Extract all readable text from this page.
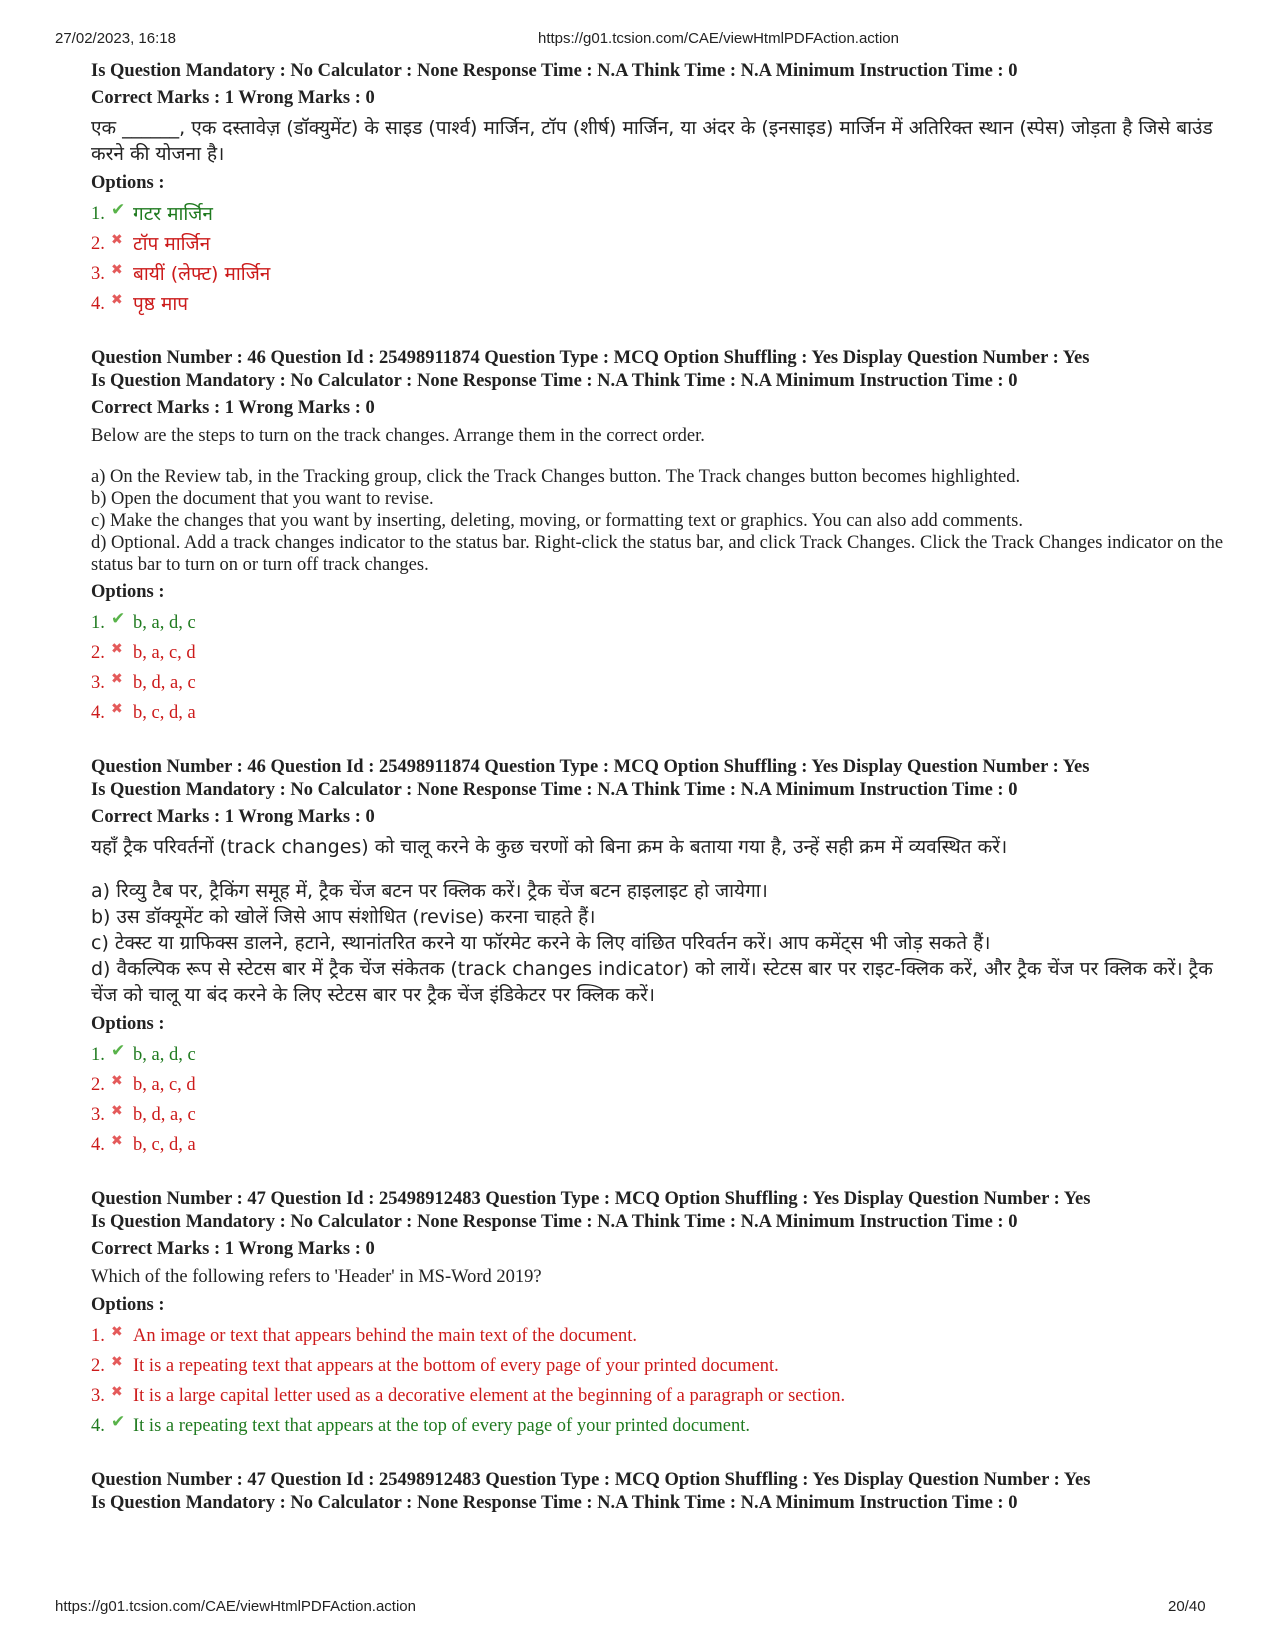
27/02/2023, 16:18	https://g01.tcsion.com/CAE/viewHtmlPDFAction.action
Is Question Mandatory : No Calculator : None Response Time : N.A Think Time : N.A Minimum Instruction Time : 0
Correct Marks : 1 Wrong Marks : 0
एक ______, एक दस्तावेज़ (डॉक्युमेंट) के साइड (पार्श्व) मार्जिन, टॉप (शीर्ष) मार्जिन, या अंदर के (इनसाइड) मार्जिन में अतिरिक्त स्थान (स्पेस) जोड़ता है जिसे बाउंड करने की योजना है।
Options :
1. ✔ गटर मार्जिन
2. ✖ टॉप मार्जिन
3. ✖ बायीं (लेफ्ट) मार्जिन
4. ✖ पृष्ठ माप
Question Number : 46 Question Id : 25498911874 Question Type : MCQ Option Shuffling : Yes Display Question Number : Yes
Is Question Mandatory : No Calculator : None Response Time : N.A Think Time : N.A Minimum Instruction Time : 0
Correct Marks : 1 Wrong Marks : 0
Below are the steps to turn on the track changes. Arrange them in the correct order.

a) On the Review tab, in the Tracking group, click the Track Changes button. The Track changes button becomes highlighted.

b) Open the document that you want to revise.

c) Make the changes that you want by inserting, deleting, moving, or formatting text or graphics. You can also add comments.

d) Optional. Add a track changes indicator to the status bar. Right-click the status bar, and click Track Changes. Click the Track Changes indicator on the status bar to turn on or turn off track changes.

Options :
1. ✔ b, a, d, c
2. ✖ b, a, c, d
3. ✖ b, d, a, c
4. ✖ b, c, d, a
Question Number : 46 Question Id : 25498911874 Question Type : MCQ Option Shuffling : Yes Display Question Number : Yes
Is Question Mandatory : No Calculator : None Response Time : N.A Think Time : N.A Minimum Instruction Time : 0
Correct Marks : 1 Wrong Marks : 0
यहाँ ट्रैक परिवर्तनों (track changes) को चालू करने के कुछ चरणों को बिना क्रम के बताया गया है, उन्हें सही क्रम में व्यवस्थित करें।

a) रिव्यु टैब पर, ट्रैकिंग समूह में, ट्रैक चेंज बटन पर क्लिक करें। ट्रैक चेंज बटन हाइलाइट हो जायेगा।

b) उस डॉक्यूमेंट को खोलें जिसे आप संशोधित (revise) करना चाहते हैं।

c) टेक्स्ट या ग्राफिक्स डालने, हटाने, स्थानांतरित करने या फॉरमेट करने के लिए वांछित परिवर्तन करें। आप कमेंट्स भी जोड़ सकते हैं।

d) वैकल्पिक रूप से स्टेटस बार में ट्रैक चेंज संकेतक (track changes indicator) को लायें। स्टेटस बार पर राइट-क्लिक करें, और ट्रैक चेंज पर क्लिक करें। ट्रैक चेंज को चालू या बंद करने के लिए स्टेटस बार पर ट्रैक चेंज इंडिकेटर पर क्लिक करें।

Options :
1. ✔ b, a, d, c
2. ✖ b, a, c, d
3. ✖ b, d, a, c
4. ✖ b, c, d, a
Question Number : 47 Question Id : 25498912483 Question Type : MCQ Option Shuffling : Yes Display Question Number : Yes
Is Question Mandatory : No Calculator : None Response Time : N.A Think Time : N.A Minimum Instruction Time : 0
Correct Marks : 1 Wrong Marks : 0
Which of the following refers to 'Header' in MS-Word 2019?
Options :
1. ✖ An image or text that appears behind the main text of the document.
2. ✖ It is a repeating text that appears at the bottom of every page of your printed document.
3. ✖ It is a large capital letter used as a decorative element at the beginning of a paragraph or section.
4. ✔ It is a repeating text that appears at the top of every page of your printed document.
Question Number : 47 Question Id : 25498912483 Question Type : MCQ Option Shuffling : Yes Display Question Number : Yes
Is Question Mandatory : No Calculator : None Response Time : N.A Think Time : N.A Minimum Instruction Time : 0
https://g01.tcsion.com/CAE/viewHtmlPDFAction.action	20/40
